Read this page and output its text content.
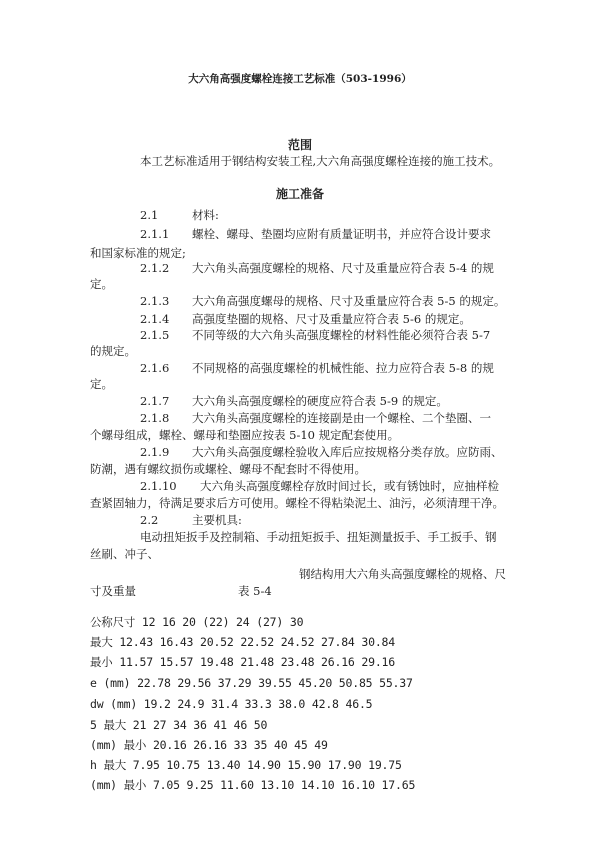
大六角高强度螺栓连接工艺标准（503-1996）
范围
本工艺标准适用于钢结构安装工程,大六角高强度螺栓连接的施工技术。
施工准备
2.1	材料:
2.1.1 螺栓、螺母、垫圈均应附有质量证明书，并应符合设计要求
和国家标准的规定;
2.1.2 大六角头高强度螺栓的规格、尺寸及重量应符合表 5-4 的规
定。
2.1.3 大六角高强度螺母的规格、尺寸及重量应符合表 5-5 的规定。
2.1.4 高强度垫圈的规格、尺寸及重量应符合表 5-6 的规定。
2.1.5 不同等级的大六角头高强度螺栓的材料性能必须符合表 5-7
的规定。
2.1.6 不同规格的高强度螺栓的机械性能、拉力应符合表 5-8 的规
定。
2.1.7 大六角头高强度螺栓的硬度应符合表 5-9 的规定。
2.1.8 大六角头高强度螺栓的连接副是由一个螺栓、二个垫圈、一
个螺母组成，螺栓、螺母和垫圈应按表 5-10 规定配套使用。
2.1.9 大六角头高强度螺栓验收入库后应按规格分类存放。应防雨、
防潮，遇有螺纹损伤或螺栓、螺母不配套时不得使用。
2.1.10 大六角头高强度螺栓存放时间过长，或有锈蚀时，应抽样检
查紧固轴力，待满足要求后方可使用。螺栓不得粘染泥土、油污，必须清理干净。
2.2	主要机具:
电动扭矩扳手及控制箱、手动扭矩扳手、扭矩测量扳手、手工扳手、钢
丝刷、冲子、
钢结构用大六角头高强度螺栓的规格、尺
寸及重量	表 5-4
公称尺寸 12 16 20 (22) 24 (27) 30
最大 12.43 16.43 20.52 22.52 24.52 27.84 30.84
最小 11.57 15.57 19.48 21.48 23.48 26.16 29.16
e (mm) 22.78 29.56 37.29 39.55 45.20 50.85 55.37
dw (mm) 19.2 24.9 31.4 33.3 38.0 42.8 46.5
5 最大 21 27 34 36 41 46 50
(mm) 最小 20.16 26.16 33 35 40 45 49
h 最大 7.95 10.75 13.40 14.90 15.90 17.90 19.75
(mm) 最小 7.05 9.25 11.60 13.10 14.10 16.10 17.65
